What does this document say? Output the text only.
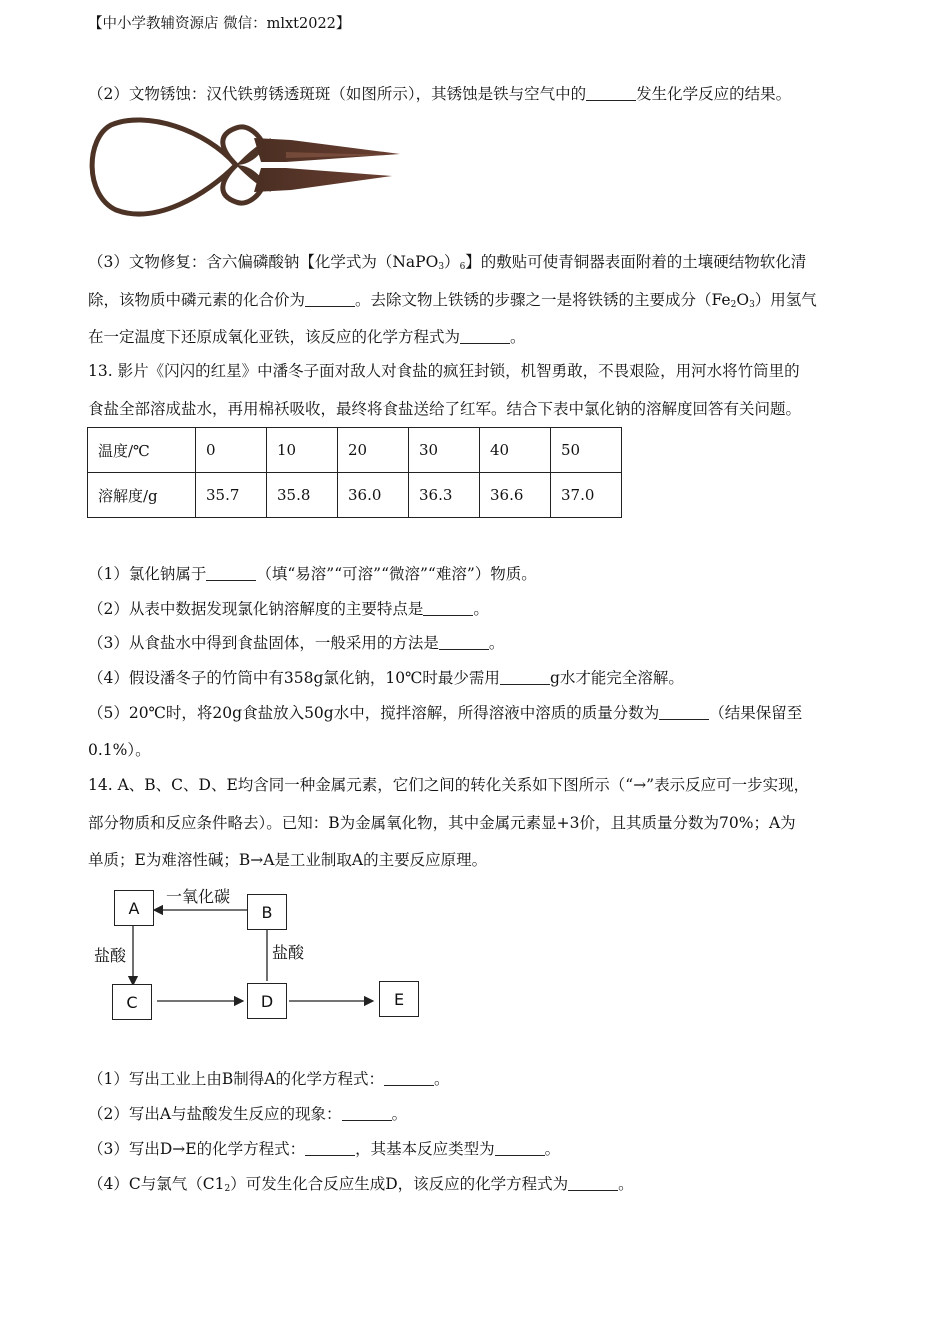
【中小学教辅资源店 微信：mlxt2022】
（2）文物锈蚀：汉代铁剪锈透斑斑（如图所示），其锈蚀是铁与空气中的	发生化学反应的结果。
（3）文物修复：含六偏磷酸钠【化学式为$(NaPO_3)_6$】的敷贴可使青铜器表面附着的土壤硬结物软化清
除，该物质中磷元素的化合价为	。去除文物上铁锈的步骤之一是将铁锈的主要成分$(Fe_2O_3)$用氢气
在一定温度下还原成氧化亚铁，该反应的化学方程式为	。
13. 影片《闪闪的红星》中潘冬子面对敌人对食盐的疯狂封锁，机智勇敢，不畏艰险，用河水将竹筒里的
食盐全部溶成盐水，再用棉袄吸收，最终将食盐送给了红军。结合下表中氯化钠的溶解度回答有关问题。
温度/℃	0	10	20	30	40	50
溶解度/g	35.7	35.8	36.0	36.3	36.6	37.0
（1）氯化钠属于	（填“易溶”“可溶”“微溶”“难溶”）物质。
（2）从表中数据发现氯化钠溶解度的主要特点是	。
（3）从食盐水中得到食盐固体，一般采用的方法是	。
（4）假设潘冬子的竹筒中有358g氯化钠，10℃时最少需用	g水才能完全溶解。
（5）20℃时，将20g食盐放入50g水中，搅拌溶解，所得溶液中溶质的质量分数为	（结果保留至
0.1%）。
14. A、B、C、D、E均含同一种金属元素，它们之间的转化关系如下图所示（“→”表示反应可一步实现，
部分物质和反应条件略去）。已知：B为金属氧化物，其中金属元素显+3价，且其质量分数为70%；A为
单质；E为难溶性碱；B→A是工业制取A的主要反应原理。
A	B
C	D	E
一氧化碳
盐酸	盐酸
（1）写出工业上由B制得A的化学方程式：	。
（2）写出A与盐酸发生反应的现象：	。
（3）写出D→E的化学方程式：	，其基本反应类型为	。
（4）C与氯气$(C1_2)$可发生化合反应生成D，该反应的化学方程式为	。
